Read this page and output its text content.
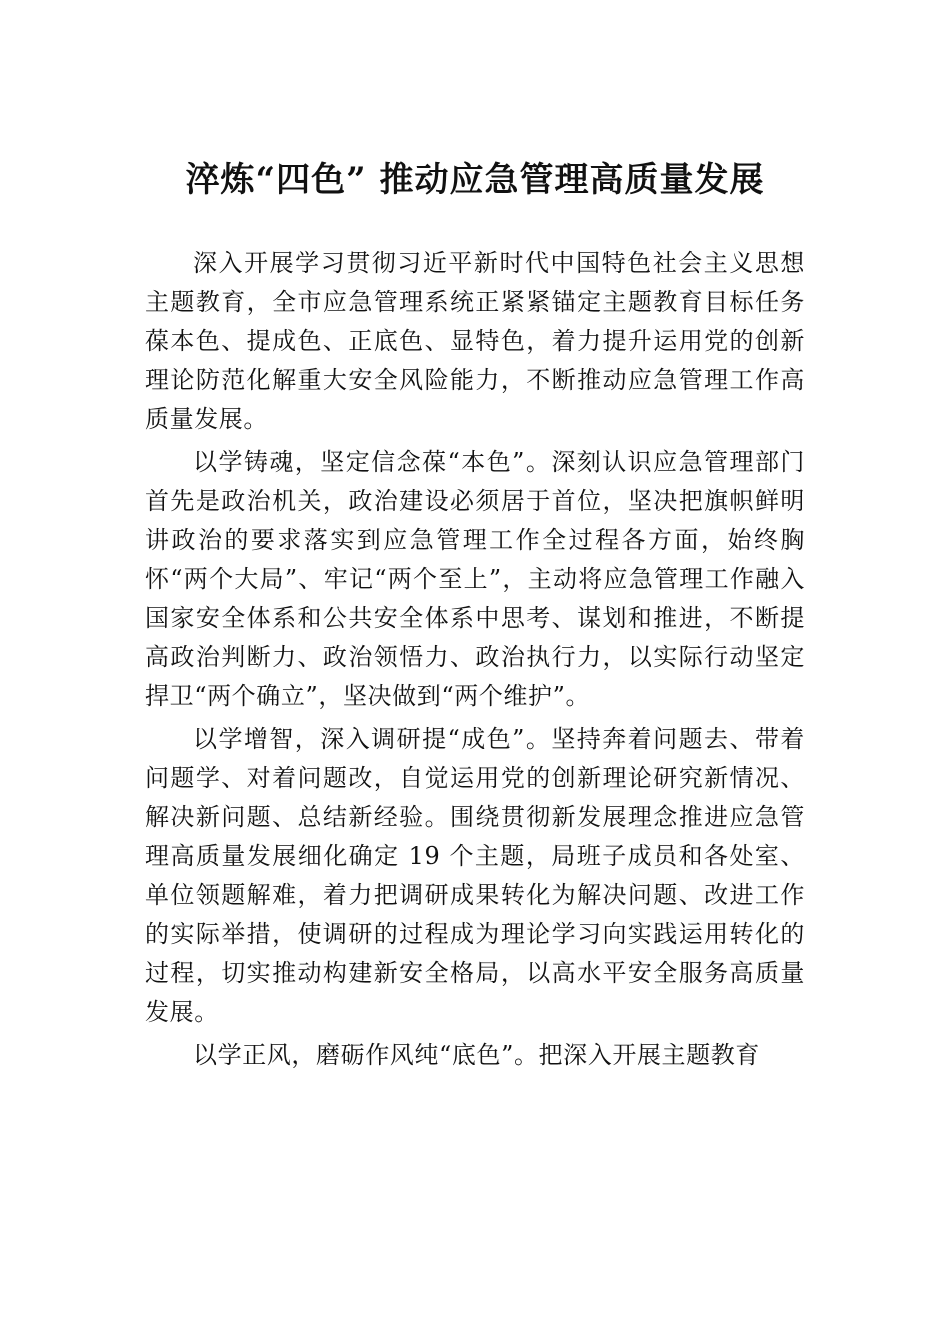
淬炼“四色” 推动应急管理高质量发展

深入开展学习贯彻习近平新时代中国特色社会主义思想主题教育，全市应急管理系统正紧紧锚定主题教育目标任务葆本色、提成色、正底色、显特色，着力提升运用党的创新理论防范化解重大安全风险能力，不断推动应急管理工作高质量发展。

以学铸魂，坚定信念葆“本色”。深刻认识应急管理部门首先是政治机关，政治建设必须居于首位，坚决把旗帜鲜明讲政治的要求落实到应急管理工作全过程各方面，始终胸怀“两个大局”、牢记“两个至上”，主动将应急管理工作融入国家安全体系和公共安全体系中思考、谋划和推进，不断提高政治判断力、政治领悟力、政治执行力，以实际行动坚定捍卫“两个确立”，坚决做到“两个维护”。

以学增智，深入调研提“成色”。坚持奔着问题去、带着问题学、对着问题改，自觉运用党的创新理论研究新情况、解决新问题、总结新经验。围绕贯彻新发展理念推进应急管理高质量发展细化确定 19 个主题，局班子成员和各处室、单位领题解难，着力把调研成果转化为解决问题、改进工作的实际举措，使调研的过程成为理论学习向实践运用转化的过程，切实推动构建新安全格局，以高水平安全服务高质量发展。

以学正风，磨砺作风纯“底色”。把深入开展主题教育
